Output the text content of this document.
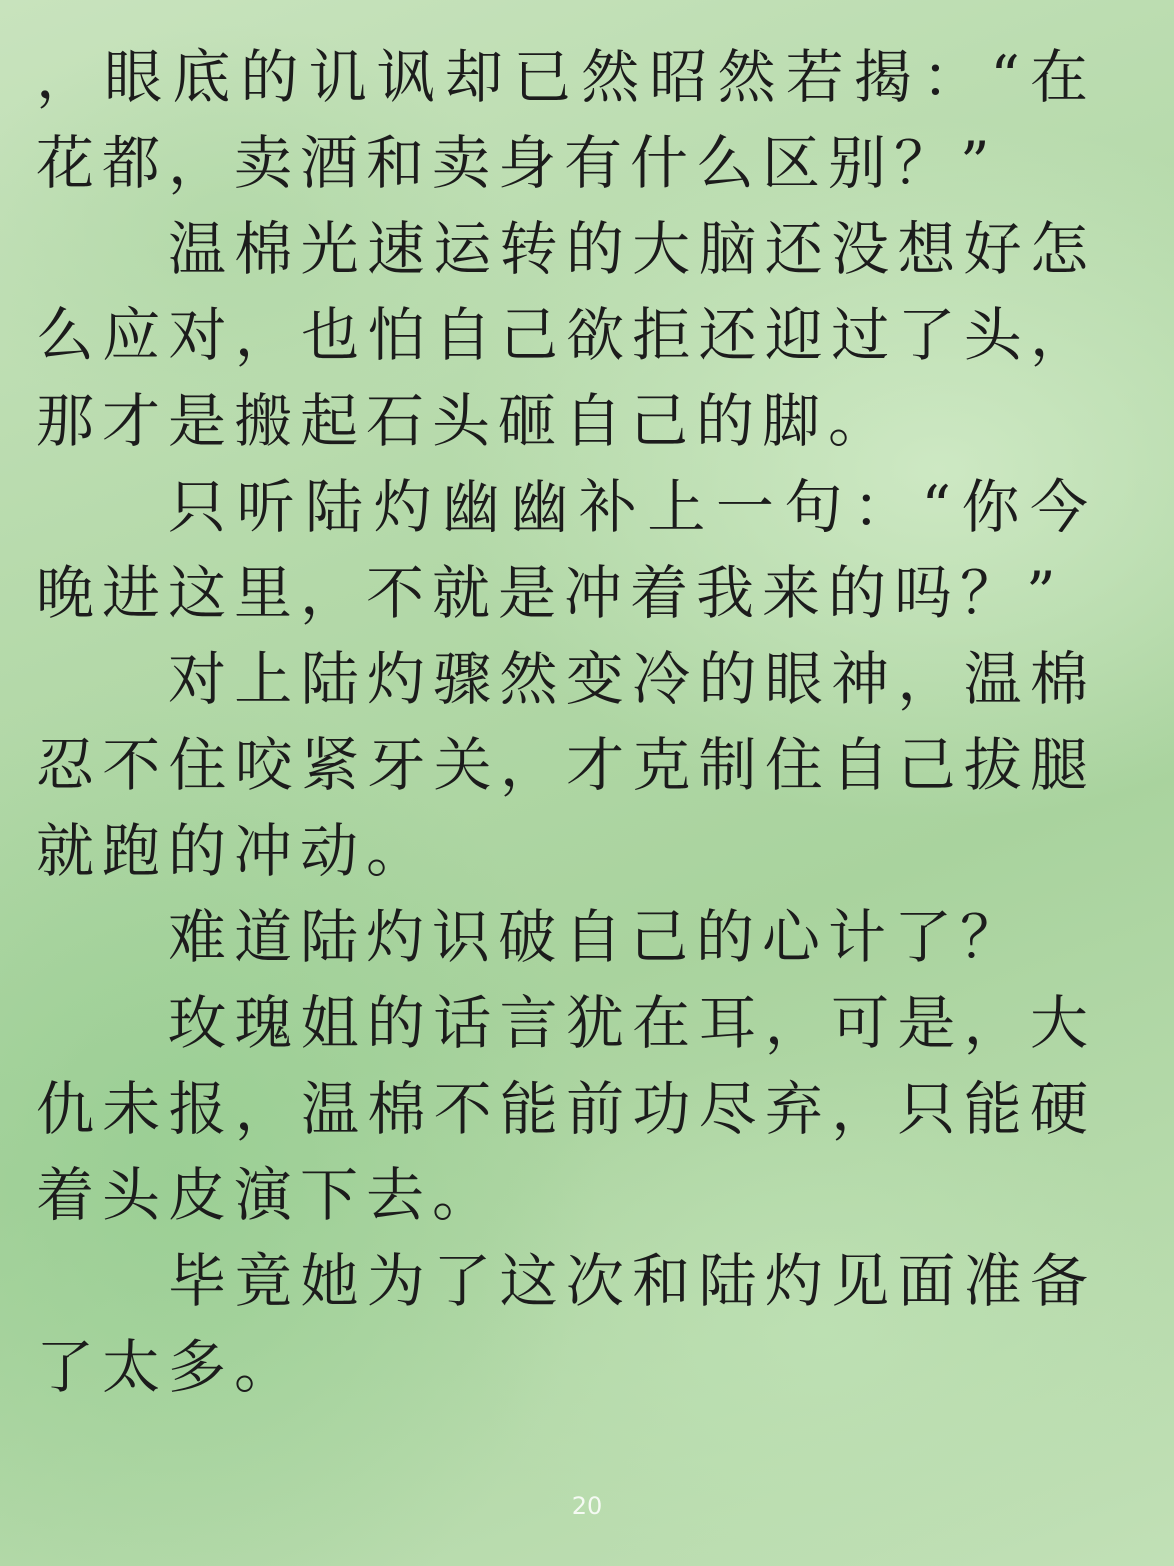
，眼底的讥讽却已然昭然若揭：“在花都，卖酒和卖身有什么区别？”

温棉光速运转的大脑还没想好怎么应对，也怕自己欲拒还迎过了头，那才是搬起石头砸自己的脚。

只听陆灼幽幽补上一句：“你今晚进这里，不就是冲着我来的吗？”

对上陆灼骤然变冷的眼神，温棉忍不住咬紧牙关，才克制住自己拔腿就跑的冲动。

难道陆灼识破自己的心计了？

玫瑰姐的话言犹在耳，可是，大仇未报，温棉不能前功尽弃，只能硬着头皮演下去。

毕竟她为了这次和陆灼见面准备了太多。

20
